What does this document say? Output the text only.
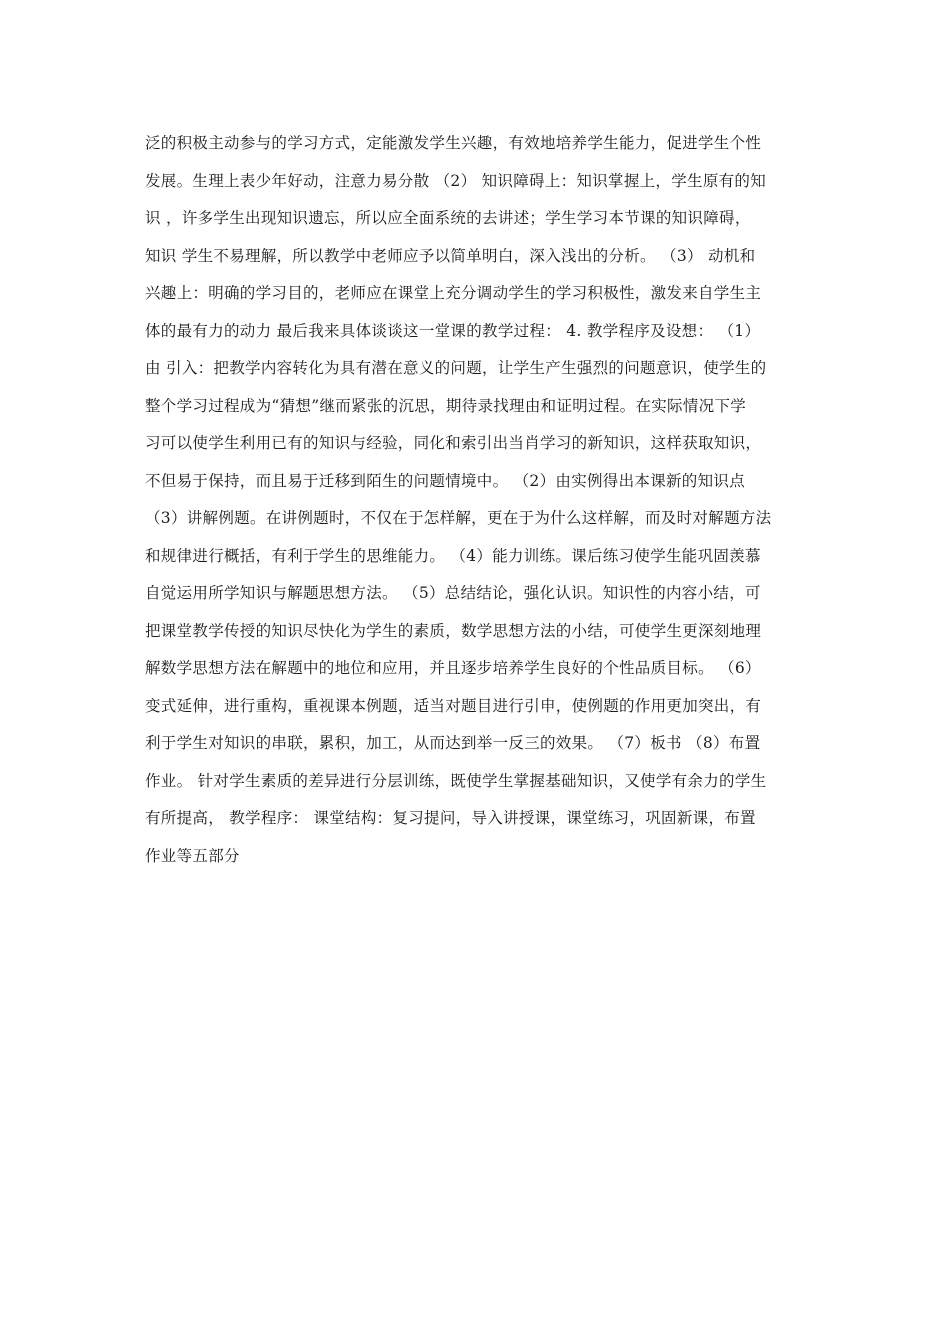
泛的积极主动参与的学习方式，定能激发学生兴趣，有效地培养学生能力，促进学生个性
发展。生理上表少年好动，注意力易分散 （2） 知识障碍上：知识掌握上，学生原有的知
识 ，许多学生出现知识遗忘，所以应全面系统的去讲述；学生学习本节课的知识障碍，
知识 学生不易理解，所以教学中老师应予以简单明白，深入浅出的分析。 （3） 动机和
兴趣上：明确的学习目的，老师应在课堂上充分调动学生的学习积极性，激发来自学生主
体的最有力的动力 最后我来具体谈谈这一堂课的教学过程： 4. 教学程序及设想： （1）
由 引入：把教学内容转化为具有潜在意义的问题，让学生产生强烈的问题意识，使学生的
整个学习过程成为“猜想”继而紧张的沉思，期待录找理由和证明过程。在实际情况下学
习可以使学生利用已有的知识与经验，同化和索引出当肖学习的新知识，这样获取知识，
不但易于保持，而且易于迁移到陌生的问题情境中。 （2）由实例得出本课新的知识点
（3）讲解例题。在讲例题时，不仅在于怎样解，更在于为什么这样解，而及时对解题方法
和规律进行概括，有利于学生的思维能力。 （4）能力训练。课后练习使学生能巩固羡慕
自觉运用所学知识与解题思想方法。 （5）总结结论，强化认识。知识性的内容小结，可
把课堂教学传授的知识尽快化为学生的素质，数学思想方法的小结，可使学生更深刻地理
解数学思想方法在解题中的地位和应用，并且逐步培养学生良好的个性品质目标。 （6）
变式延伸，进行重构，重视课本例题，适当对题目进行引申，使例题的作用更加突出，有
利于学生对知识的串联，累积，加工，从而达到举一反三的效果。 （7）板书 （8）布置
作业。 针对学生素质的差异进行分层训练，既使学生掌握基础知识，又使学有余力的学生
有所提高， 教学程序： 课堂结构：复习提问，导入讲授课，课堂练习，巩固新课，布置
作业等五部分
